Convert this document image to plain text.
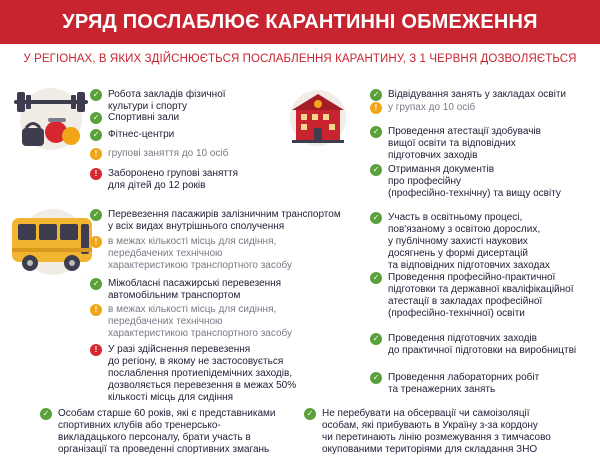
УРЯД ПОСЛАБЛЮЄ КАРАНТИННІ ОБМЕЖЕННЯ
У РЕГІОНАХ, В ЯКИХ ЗДІЙСНЮЄТЬСЯ ПОСЛАБЛЕННЯ КАРАНТИНУ, З 1 ЧЕРВНЯ ДОЗВОЛЯЄТЬСЯ
✓ Робота закладів фізичної
культури і спорту
✓ Спортивні зали
✓ Фітнес-центри
!	групові заняття до 10 осіб
!	Заборонено групові заняття
для дітей до 12 років
✓ Перевезення пасажирів залізничним транспортом
у всіх видах внутрішнього сполучення
!	в межах кількості місць для сидіння,
передбачених технічною
характеристикою транспортного засобу
✓ Міжобласні пасажирські перевезення
автомобільним транспортом
!	в межах кількості місць для сидіння,
передбачених технічною
характеристикою транспортного засобу
!	У разі здійснення перевезення
до регіону, в якому не застосовується
послаблення протиепідемічних заходів,
дозволяється перевезення в межах 50%
кількості місць для сидіння
✓ Особам старше 60 років, які є представниками
спортивних клубів або тренерсько-
викладацького персоналу, брати участь в
організації та проведенні спортивних змагань
✓ Відвідування занять у закладах освіти
!	у групах до 10 осіб
✓ Проведення атестації здобувачів
вищої освіти та відповідних
підготовчих заходів
✓ Отримання документів
про професійну
(професійно-технічну) та вищу освіту
✓ Участь в освітньому процесі,
пов'язаному з освітою дорослих,
у публічному захисті наукових
досягнень у формі дисертацій
та відповідних підготовчих заходах
✓ Проведення професійно-практичної
підготовки та державної кваліфікаційної
атестації в закладах професійної
(професійно-технічної) освіти
✓ Проведення підготовчих заходів
до практичної підготовки на виробництві
✓ Проведення лабораторних робіт
та тренажерних занять
✓ Не перебувати на обсервації чи самоізоляції
особам, які прибувають в Україну з-за кордону
чи перетинають лінію розмежування з тимчасово
окупованими територіями для складання ЗНО
